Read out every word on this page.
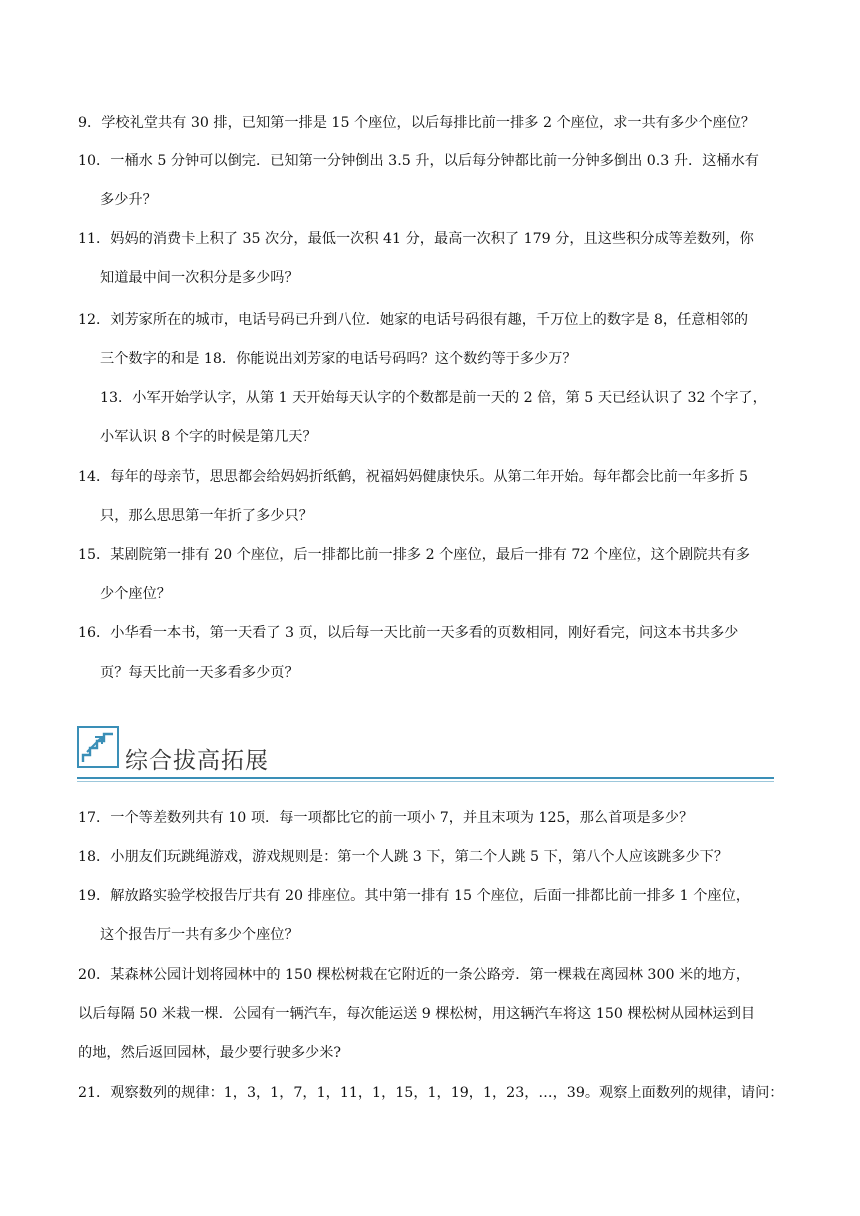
9．学校礼堂共有 30 排，已知第一排是 15 个座位，以后每排比前一排多 2 个座位，求一共有多少个座位？
10．一桶水 5 分钟可以倒完．已知第一分钟倒出 3.5 升，以后每分钟都比前一分钟多倒出 0.3 升．这桶水有
多少升？
11．妈妈的消费卡上积了 35 次分，最低一次积 41 分，最高一次积了 179 分，且这些积分成等差数列，你
知道最中间一次积分是多少吗？
12．刘芳家所在的城市，电话号码已升到八位．她家的电话号码很有趣，千万位上的数字是 8，任意相邻的
三个数字的和是 18．你能说出刘芳家的电话号码吗？这个数约等于多少万？
13．小军开始学认字，从第 1 天开始每天认字的个数都是前一天的 2 倍，第 5 天已经认识了 32 个字了，
小军认识 8 个字的时候是第几天？
14．每年的母亲节，思思都会给妈妈折纸鹤，祝福妈妈健康快乐。从第二年开始。每年都会比前一年多折 5
只，那么思思第一年折了多少只？
15．某剧院第一排有 20 个座位，后一排都比前一排多 2 个座位，最后一排有 72 个座位，这个剧院共有多
少个座位？
16．小华看一本书，第一天看了 3 页，以后每一天比前一天多看的页数相同，刚好看完，问这本书共多少
页？每天比前一天多看多少页？
综合拔高拓展
17．一个等差数列共有 10 项．每一项都比它的前一项小 7，并且末项为 125，那么首项是多少？
18．小朋友们玩跳绳游戏，游戏规则是：第一个人跳 3 下，第二个人跳 5 下，第八个人应该跳多少下？
19．解放路实验学校报告厅共有 20 排座位。其中第一排有 15 个座位，后面一排都比前一排多 1 个座位，
这个报告厅一共有多少个座位？
20．某森林公园计划将园林中的 150 棵松树栽在它附近的一条公路旁．第一棵栽在离园林 300 米的地方，
以后每隔 50 米栽一棵．公园有一辆汽车，每次能运送 9 棵松树，用这辆汽车将这 150 棵松树从园林运到目
的地，然后返回园林，最少要行驶多少米?
21．观察数列的规律：1，3，1，7，1，11，1，15，1，19，1，23，…，39。观察上面数列的规律，请问：
